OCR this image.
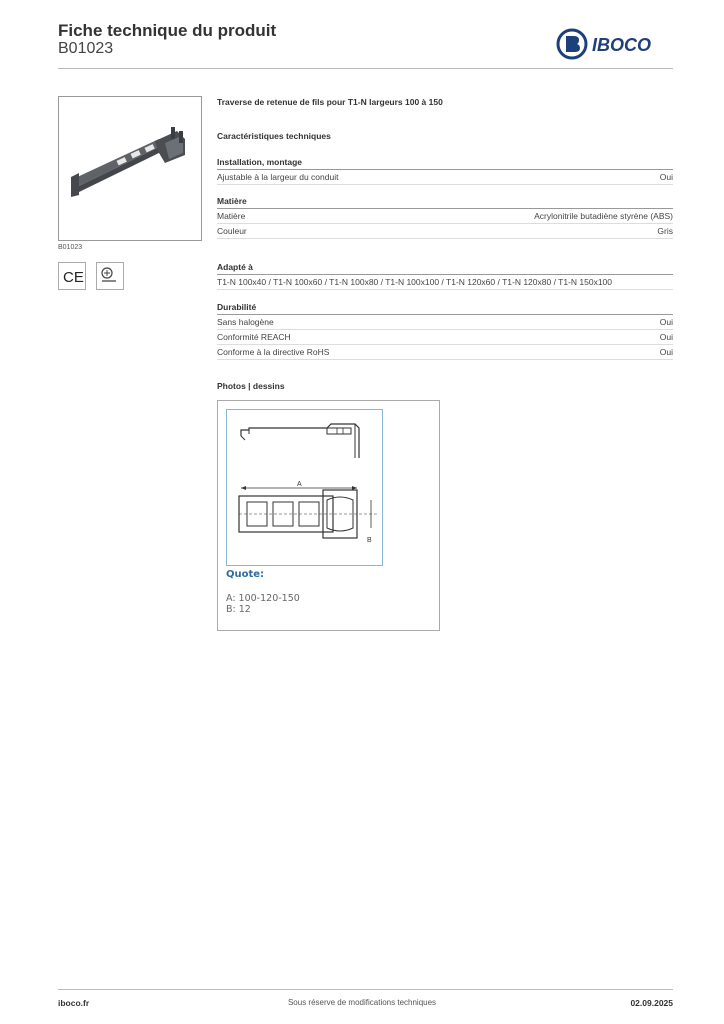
Fiche technique du produit
B01023	IBOCO
B01023
CE
Traverse de retenue de fils pour T1-N largeurs 100 à 150
Caractéristiques techniques
Installation, montage
Ajustable à la largeur du conduit	Oui
Matière
Matière	Acrylonitrile butadiène styrène (ABS)
Couleur	Gris
Adapté à
T1-N 100x40 / T1-N 100x60 / T1-N 100x80 / T1-N 100x100 / T1-N 120x60 / T1-N 120x80 / T1-N 150x100
Durabilité
Sans halogène	Oui
Conformité REACH	Oui
Conforme à la directive RoHS	Oui
Photos | dessins
A
B
Quote:
A: 100-120-150
B: 12
iboco.fr	Sous réserve de modifications techniques	02.09.2025
